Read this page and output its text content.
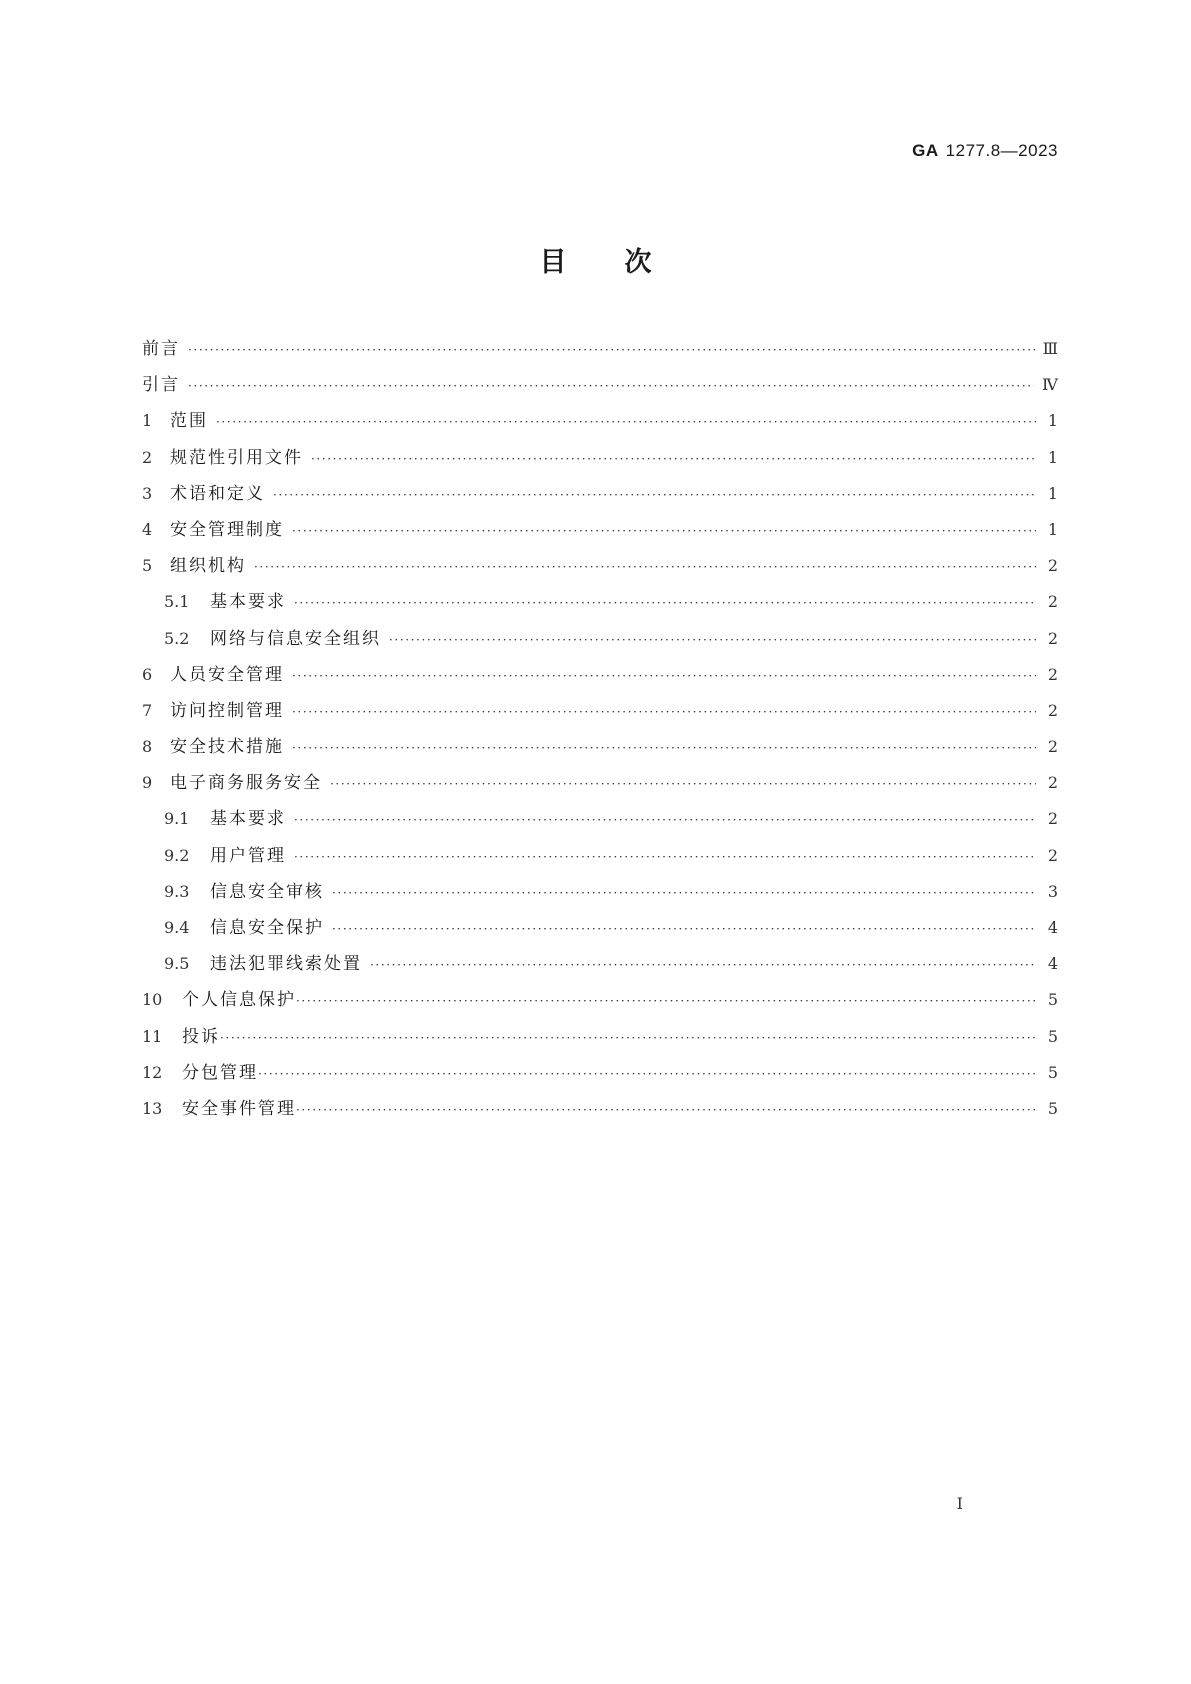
GA 1277.8—2023
目次
前言 ·····	Ⅲ
引言 ·····	Ⅳ
1	范围 ·····	1
2	规范性引用文件 ·····	1
3	术语和定义 ·····	1
4	安全管理制度 ·····	1
5	组织机构 ·····	2
5.1	基本要求 ·····	2
5.2	网络与信息安全组织 ·····	2
6	人员安全管理 ·····	2
7	访问控制管理 ·····	2
8	安全技术措施 ·····	2
9	电子商务服务安全 ·····	2
9.1	基本要求 ·····	2
9.2	用户管理 ·····	2
9.3	信息安全审核 ·····	3
9.4	信息安全保护 ·····	4
9.5	违法犯罪线索处置 ·····	4
10	个人信息保护 ·····	5
11	投诉 ·····	5
12	分包管理 ·····	5
13	安全事件管理 ·····	5
I
